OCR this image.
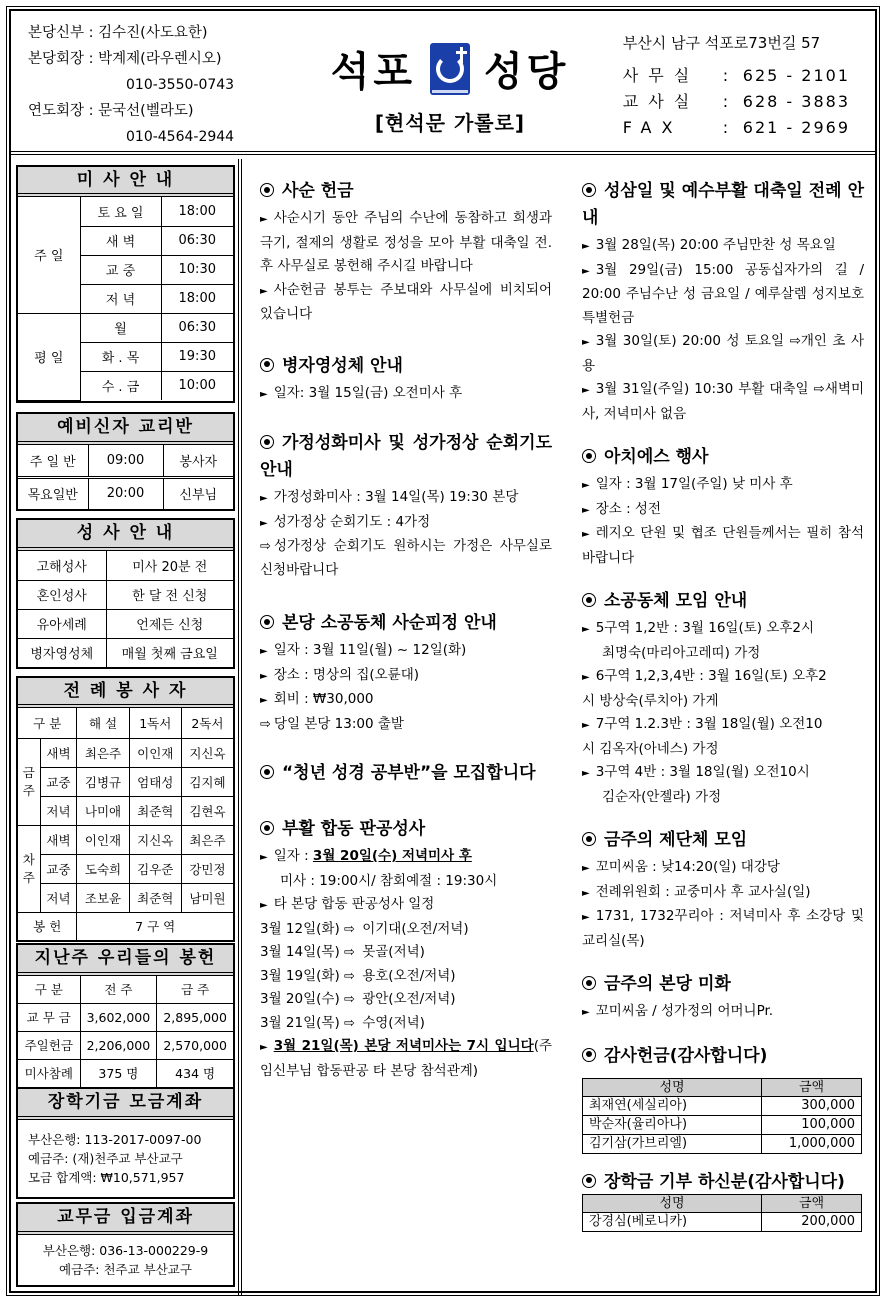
본당신부 : 김수진(사도요한)
본당회장 : 박계제(라우렌시오)
010-3550-0743
연도회장 : 문국선(벨라도)
010-4564-2944
석포 성당
[현석문 가롤로]
부산시 남구 석포로73번길 57
사무실 : 625 - 2101
교사실 : 628 - 3883
FAX	: 621 - 2969
미 사 안 내
주 일	토 요 일	18:00
	새 벽	06:30
	교 중	10:30
	저 녁	18:00
평 일	월	06:30
	화 . 목	19:30
	수 . 금	10:00
예비신자 교리반
주 일 반	09:00	봉사자
목요일반	20:00	신부님
성 사 안 내
고해성사	미사 20분 전
혼인성사	한 달 전 신청
유아세례	언제든 신청
병자영성체	매월 첫째 금요일
전 례 봉 사 자
구 분		해 설	1독서	2독서
금주	새벽	최은주	이인재	지신옥
	교중	김병규	엄태성	김지혜
	저녁	나미애	최준혁	김현옥
차주	새벽	이인재	지신옥	최은주
	교중	도숙희	김우준	강민정
	저녁	조보윤	최준혁	남미원
봉 헌		7 구 역		
지난주 우리들의 봉헌
구 분	전 주	금 주
교 무 금	3,602,000	2,895,000
주일헌금	2,206,000	2,570,000
미사참례	375 명	434 명
장학기금 모금계좌
부산은행: 113-2017-0097-00
예금주: (재)천주교 부산교구
모금 합계액: ₩10,571,957
교무금 입금계좌
부산은행: 036-13-000229-9
예금주: 천주교 부산교구
사순 헌금
► 사순시기 동안 주님의 수난에 동참하고 희생과 극기, 절제의 생활로 정성을 모아 부활 대축일 전.후 사무실로 봉헌해 주시길 바랍니다
► 사순헌금 봉투는 주보대와 사무실에 비치되어 있습니다
병자영성체 안내
► 일자: 3월 15일(금) 오전미사 후
가정성화미사 및 성가정상 순회기도 안내
► 가정성화미사 : 3월 14일(목) 19:30 본당
► 성가정상 순회기도 : 4가정
⇨ 성가정상 순회기도 원하시는 가정은 사무실로 신청바랍니다
본당 소공동체 사순피정 안내
► 일자 : 3월 11일(월) ~ 12일(화)
► 장소 : 명상의 집(오륜대)
► 회비 : ₩30,000
⇨ 당일 본당 13:00 출발
“청년 성경 공부반”을 모집합니다
부활 합동 판공성사
► 일자 : 3월 20일(수) 저녁미사 후
미사 : 19:00시/ 참회예절 : 19:30시
► 타 본당 합동 판공성사 일정
3월 12일(화) ⇨ 이기대(오전/저녁)
3월 14일(목) ⇨ 못골(저녁)
3월 19일(화) ⇨ 용호(오전/저녁)
3월 20일(수) ⇨ 광안(오전/저녁)
3월 21일(목) ⇨ 수영(저녁)
► 3월 21일(목) 본당 저녁미사는 7시 입니다(주임신부님 합동판공 타 본당 참석관계)
성삼일 및 예수부활 대축일 전례 안내
► 3월 28일(목) 20:00 주님만찬 성 목요일
► 3월 29일(금) 15:00 공동십자가의 길 / 20:00 주님수난 성 금요일 / 예루살렘 성지보호 특별헌금
► 3월 30일(토) 20:00 성 토요일 ⇨개인 초 사용
► 3월 31일(주일) 10:30 부활 대축일 ⇨새벽미사, 저녁미사 없음
아치에스 행사
► 일자 : 3월 17일(주일) 낮 미사 후
► 장소 : 성전
► 레지오 단원 및 협조 단원들께서는 필히 참석바랍니다
소공동체 모임 안내
► 5구역 1,2반 : 3월 16일(토) 오후2시
최명숙(마리아고레띠) 가정
► 6구역 1,2,3,4반 : 3월 16일(토) 오후2
시 방상숙(루치아) 가게
► 7구역 1.2.3반 : 3월 18일(월) 오전10
시 김옥자(아네스) 가정
► 3구역 4반 : 3월 18일(월) 오전10시
김순자(안젤라) 가정
금주의 제단체 모임
► 꼬미씨움 : 낮14:20(일) 대강당
► 전례위원회 : 교중미사 후 교사실(일)
► 1731, 1732꾸리아 : 저녁미사 후 소강당 및 교리실(목)
금주의 본당 미화
► 꼬미씨움 / 성가정의 어머니Pr.
감사헌금(감사합니다)
성명	금액
최재연(세실리아)	300,000
박순자(율리아나)	100,000
김기삼(가브리엘)	1,000,000
장학금 기부 하신분(감사합니다)
성명	금액
강경심(베로니카)	200,000
